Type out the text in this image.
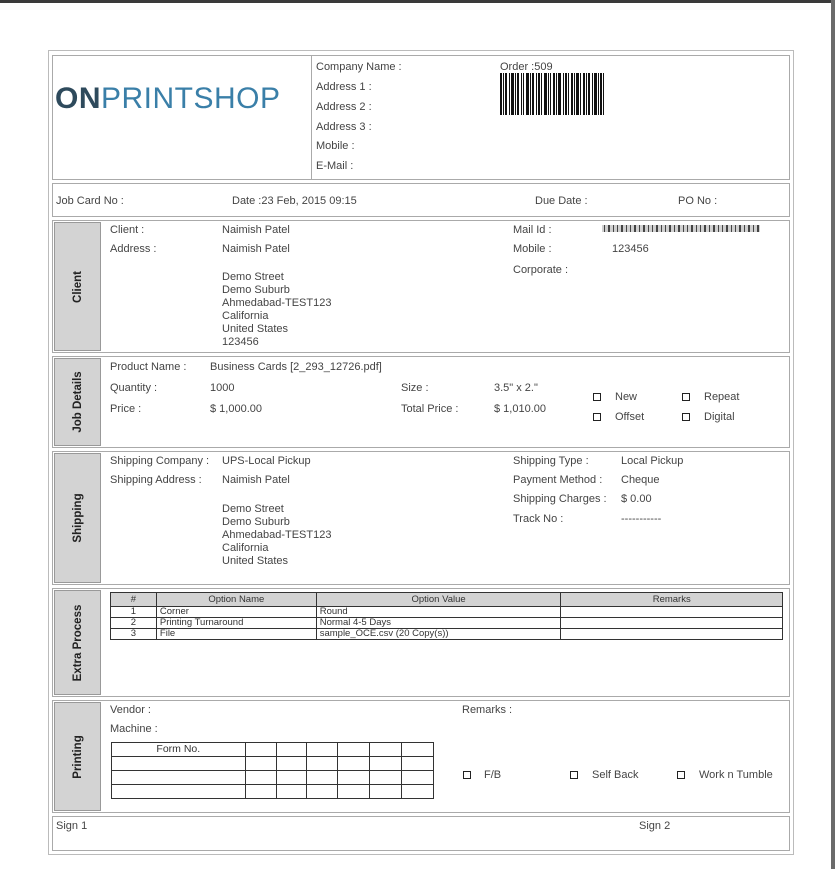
ONPRINTSHOP
Company Name :
Address 1 :
Address 2 :
Address 3 :
Mobile :
E-Mail :
Order :509
Job Card No :	Date :23 Feb, 2015 09:15	Due Date :	PO No :
Client
Client :	Naimish Patel
Address :	Naimish Patel
Demo Street
Demo Suburb
Ahmedabad-TEST123
California
United States
123456
Mail Id :
Mobile :	123456
Corporate :
Job Details
Product Name : Business Cards [2_293_12726.pdf]
Quantity :	1000
Price :	$ 1,000.00
Size :	3.5" x 2."
Total Price :	$ 1,010.00
New	Repeat
Offset	Digital
Shipping
Shipping Company : UPS-Local Pickup
Shipping Address : Naimish Patel
Demo Street
Demo Suburb
Ahmedabad-TEST123
California
United States
Shipping Type :	Local Pickup
Payment Method : Cheque
Shipping Charges : $ 0.00
Track No :	-----------
Extra Process
#	Option Name	Option Value	Remarks
1	Corner	Round	
2	Printing Turnaround	Normal 4-5 Days	
3	File	sample_OCE.csv (20 Copy(s))	
Printing
Vendor :
Machine :
Remarks :
Form No.						

F/B	Self Back	Work n Tumble
Sign 1	Sign 2
